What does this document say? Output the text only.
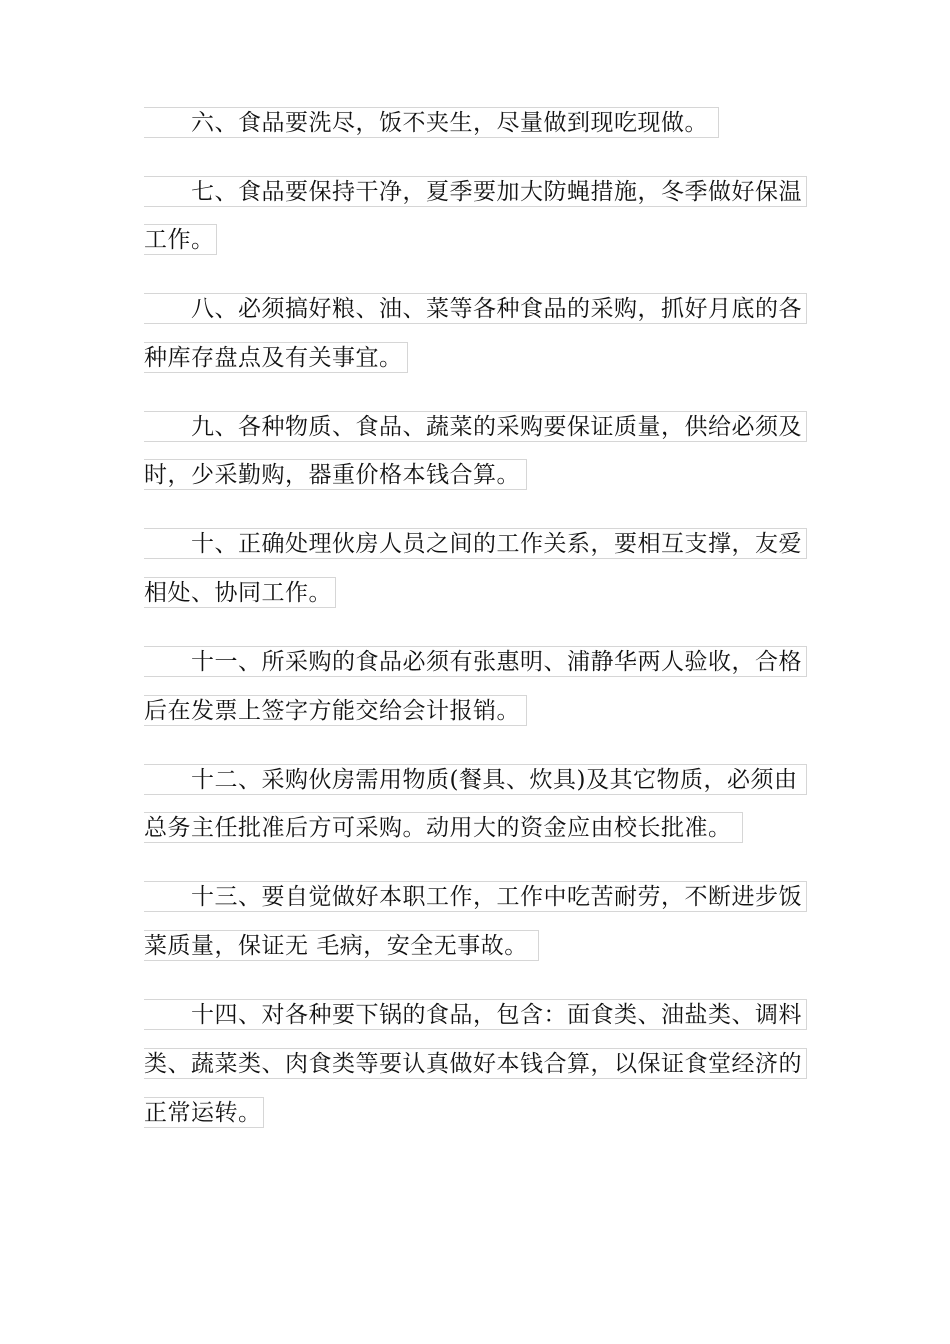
六、食品要洗尽，饭不夹生，尽量做到现吃现做。
七、食品要保持干净，夏季要加大防蝇措施，冬季做好保温
工作。
八、必须搞好粮、油、菜等各种食品的采购，抓好月底的各
种库存盘点及有关事宜。
九、各种物质、食品、蔬菜的采购要保证质量，供给必须及
时，少采勤购，器重价格本钱合算。
十、正确处理伙房人员之间的工作关系，要相互支撑，友爱
相处、协同工作。
十一、所采购的食品必须有张惠明、浦静华两人验收，合格
后在发票上签字方能交给会计报销。
十二、采购伙房需用物质(餐具、炊具)及其它物质，必须由
总务主任批准后方可采购。动用大的资金应由校长批准。
十三、要自觉做好本职工作，工作中吃苦耐劳，不断进步饭
菜质量，保证无 毛病，安全无事故。
十四、对各种要下锅的食品，包含：面食类、油盐类、调料
类、蔬菜类、肉食类等要认真做好本钱合算，以保证食堂经济的
正常运转。
